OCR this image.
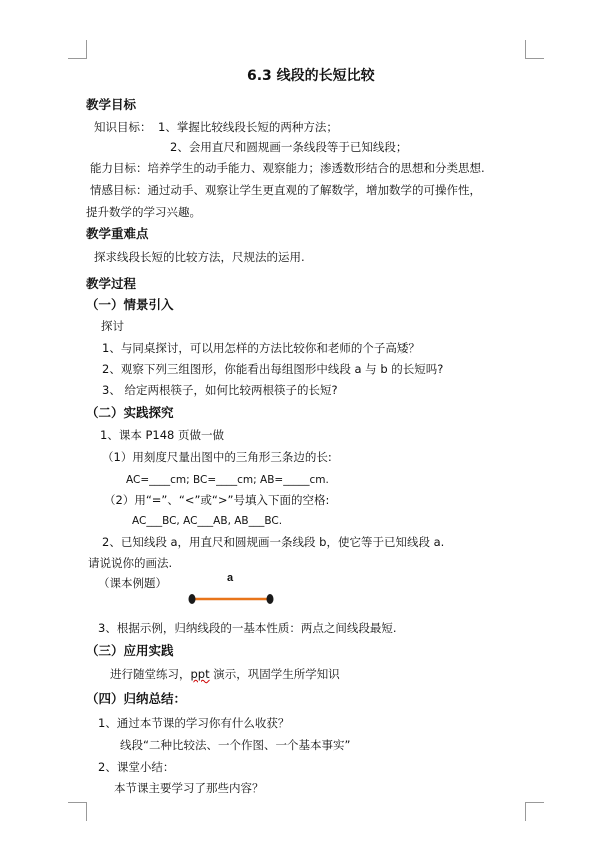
6.3 线段的长短比较
教学目标
知识目标： 1、掌握比较线段长短的两种方法；
2、会用直尺和圆规画一条线段等于已知线段；
能力目标：培养学生的动手能力、观察能力；渗透数形结合的思想和分类思想.
情感目标：通过动手、观察让学生更直观的了解数学，增加数学的可操作性，
提升数学的学习兴趣。
教学重难点
探求线段长短的比较方法，尺规法的运用.
教学过程
（一）情景引入
探讨
1、与同桌探讨，可以用怎样的方法比较你和老师的个子高矮？
2、观察下列三组图形，你能看出每组图形中线段 a 与 b 的长短吗?
3、 给定两根筷子，如何比较两根筷子的长短?
（二）实践探究
1、课本 P148 页做一做
（1）用刻度尺量出图中的三角形三条边的长:
AC=____cm; BC=____cm; AB=_____cm.
（2）用“=”、“<”或“>”号填入下面的空格:
AC___BC, AC___AB, AB___BC.
2、已知线段 a，用直尺和圆规画一条线段 b，使它等于已知线段 a.
请说说你的画法.
（课本例题）	a
3、根据示例，归纳线段的一基本性质：两点之间线段最短.
（三）应用实践
进行随堂练习，ppt 演示，巩固学生所学知识
（四）归纳总结：
1、通过本节课的学习你有什么收获？
线段“二种比较法、一个作图、一个基本事实”
2、课堂小结：
本节课主要学习了那些内容？
